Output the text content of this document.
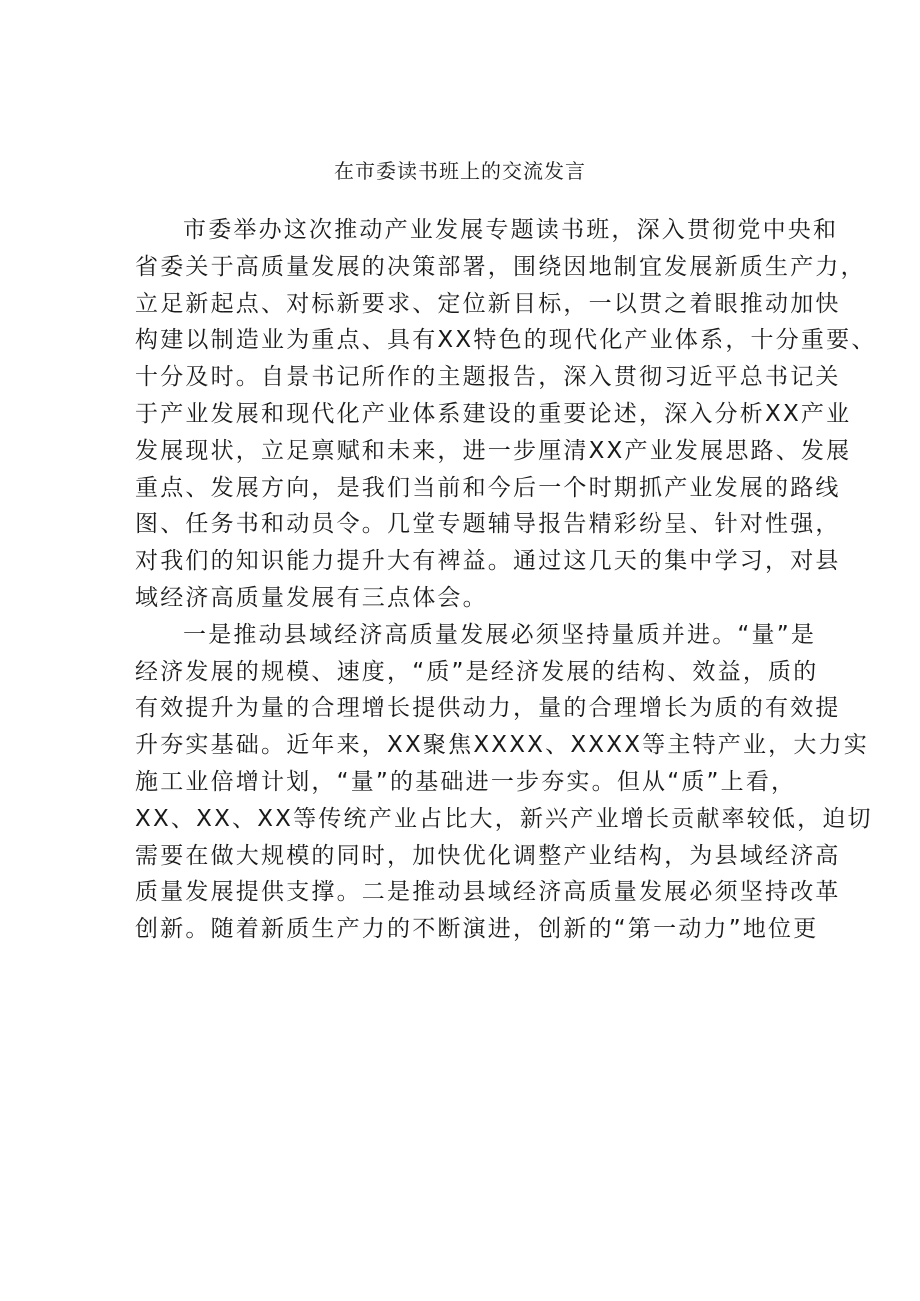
在市委读书班上的交流发言
市委举办这次推动产业发展专题读书班，深入贯彻党中央和
省委关于高质量发展的决策部署，围绕因地制宜发展新质生产力，
立足新起点、对标新要求、定位新目标，一以贯之着眼推动加快
构建以制造业为重点、具有XX特色的现代化产业体系，十分重要、
十分及时。自景书记所作的主题报告，深入贯彻习近平总书记关
于产业发展和现代化产业体系建设的重要论述，深入分析XX产业
发展现状，立足禀赋和未来，进一步厘清XX产业发展思路、发展
重点、发展方向，是我们当前和今后一个时期抓产业发展的路线
图、任务书和动员令。几堂专题辅导报告精彩纷呈、针对性强，
对我们的知识能力提升大有裨益。通过这几天的集中学习，对县
域经济高质量发展有三点体会。
一是推动县域经济高质量发展必须坚持量质并进。“量”是
经济发展的规模、速度，“质”是经济发展的结构、效益，质的
有效提升为量的合理增长提供动力，量的合理增长为质的有效提
升夯实基础。近年来，XX聚焦XXXX、XXXX等主特产业，大力实
施工业倍增计划，“量”的基础进一步夯实。但从“质”上看，
XX、XX、XX等传统产业占比大，新兴产业增长贡献率较低，迫切
需要在做大规模的同时，加快优化调整产业结构，为县域经济高
质量发展提供支撑。二是推动县域经济高质量发展必须坚持改革
创新。随着新质生产力的不断演进，创新的“第一动力”地位更
